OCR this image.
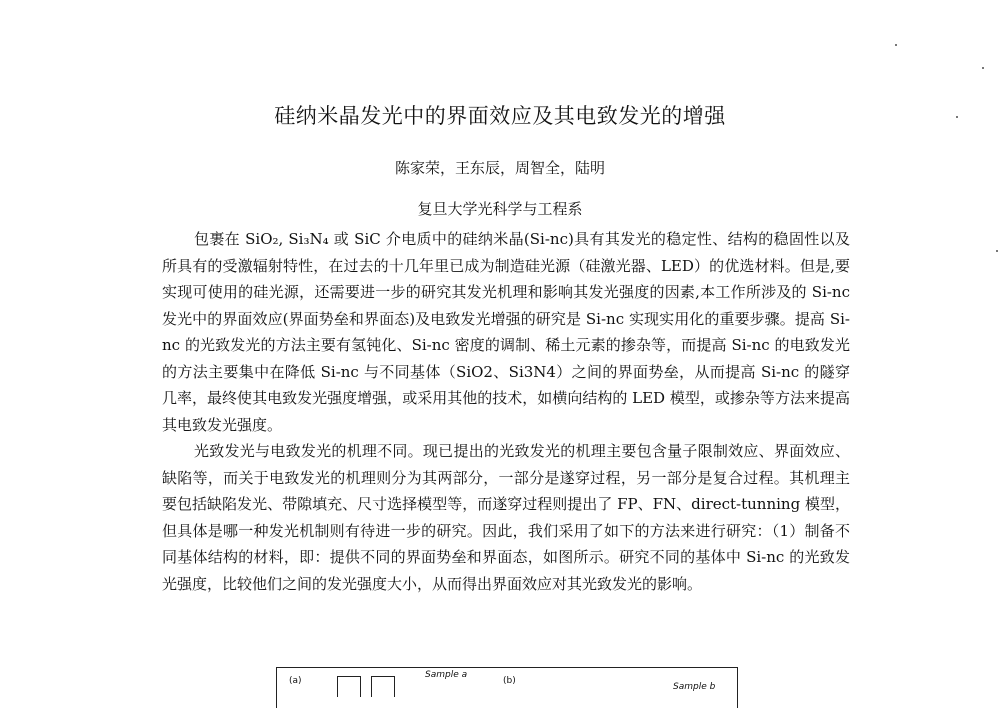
硅纳米晶发光中的界面效应及其电致发光的增强
陈家荣，王东辰，周智全，陆明
复旦大学光科学与工程系

包裹在 SiO₂, Si₃N₄ 或 SiC 介电质中的硅纳米晶(Si-nc)具有其发光的稳定性、结构的稳固性以及所具有的受激辐射特性，在过去的十几年里已成为制造硅光源（硅激光器、LED）的优选材料。但是,要实现可使用的硅光源，还需要进一步的研究其发光机理和影响其发光强度的因素,本工作所涉及的 Si-nc 发光中的界面效应(界面势垒和界面态)及电致发光增强的研究是 Si-nc 实现实用化的重要步骤。提高 Si-nc 的光致发光的方法主要有氢钝化、Si-nc 密度的调制、稀土元素的掺杂等，而提高 Si-nc 的电致发光的方法主要集中在降低 Si-nc 与不同基体（SiO2、Si3N4）之间的界面势垒，从而提高 Si-nc 的隧穿几率，最终使其电致发光强度增强，或采用其他的技术，如横向结构的 LED 模型，或掺杂等方法来提高其电致发光强度。

光致发光与电致发光的机理不同。现已提出的光致发光的机理主要包含量子限制效应、界面效应、缺陷等，而关于电致发光的机理则分为其两部分，一部分是遂穿过程，另一部分是复合过程。其机理主要包括缺陷发光、带隙填充、尺寸选择模型等，而遂穿过程则提出了 FP、FN、direct-tunning 模型，但具体是哪一种发光机制则有待进一步的研究。因此，我们采用了如下的方法来进行研究：（1）制备不同基体结构的材料，即：提供不同的界面势垒和界面态，如图所示。研究不同的基体中 Si-nc 的光致发光强度，比较他们之间的发光强度大小，从而得出界面效应对其光致发光的影响。

(a)
Sample a
(b)
Sample b
